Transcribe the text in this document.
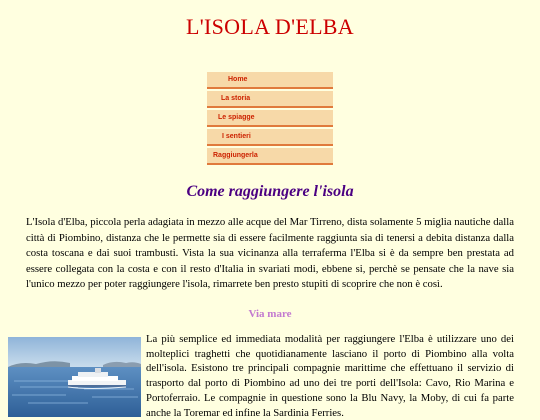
L'ISOLA D'ELBA
Home
La storia
Le spiagge
I sentieri
Raggiungerla
Come raggiungere l'isola

L'Isola d'Elba, piccola perla adagiata in mezzo alle acque del Mar Tirreno, dista solamente 5 miglia nautiche dalla città di Piombino, distanza che le permette sia di essere facilmente raggiunta sia di tenersi a debita distanza dalla costa toscana e dai suoi trambusti. Vista la sua vicinanza alla terraferma l'Elba si è da sempre ben prestata ad essere collegata con la costa e con il resto d'Italia in svariati modi, ebbene si, perchè se pensate che la nave sia l'unico mezzo per poter raggiungere l'isola, rimarrete ben presto stupiti di scoprire che non è così.

Via mare

La più semplice ed immediata modalità per raggiungere l'Elba è utilizzare uno dei molteplici traghetti che quotidianamente lasciano il porto di Piombino alla volta dell'isola. Esistono tre principali compagnie marittime che effettuano il servizio di trasporto dal porto di Piombino ad uno dei tre porti dell'Isola: Cavo, Rio Marina e Portoferraio. Le compagnie in questione sono la Blu Navy, la Moby, di cui fa parte anche la Toremar ed infine la Sardinia Ferries.
